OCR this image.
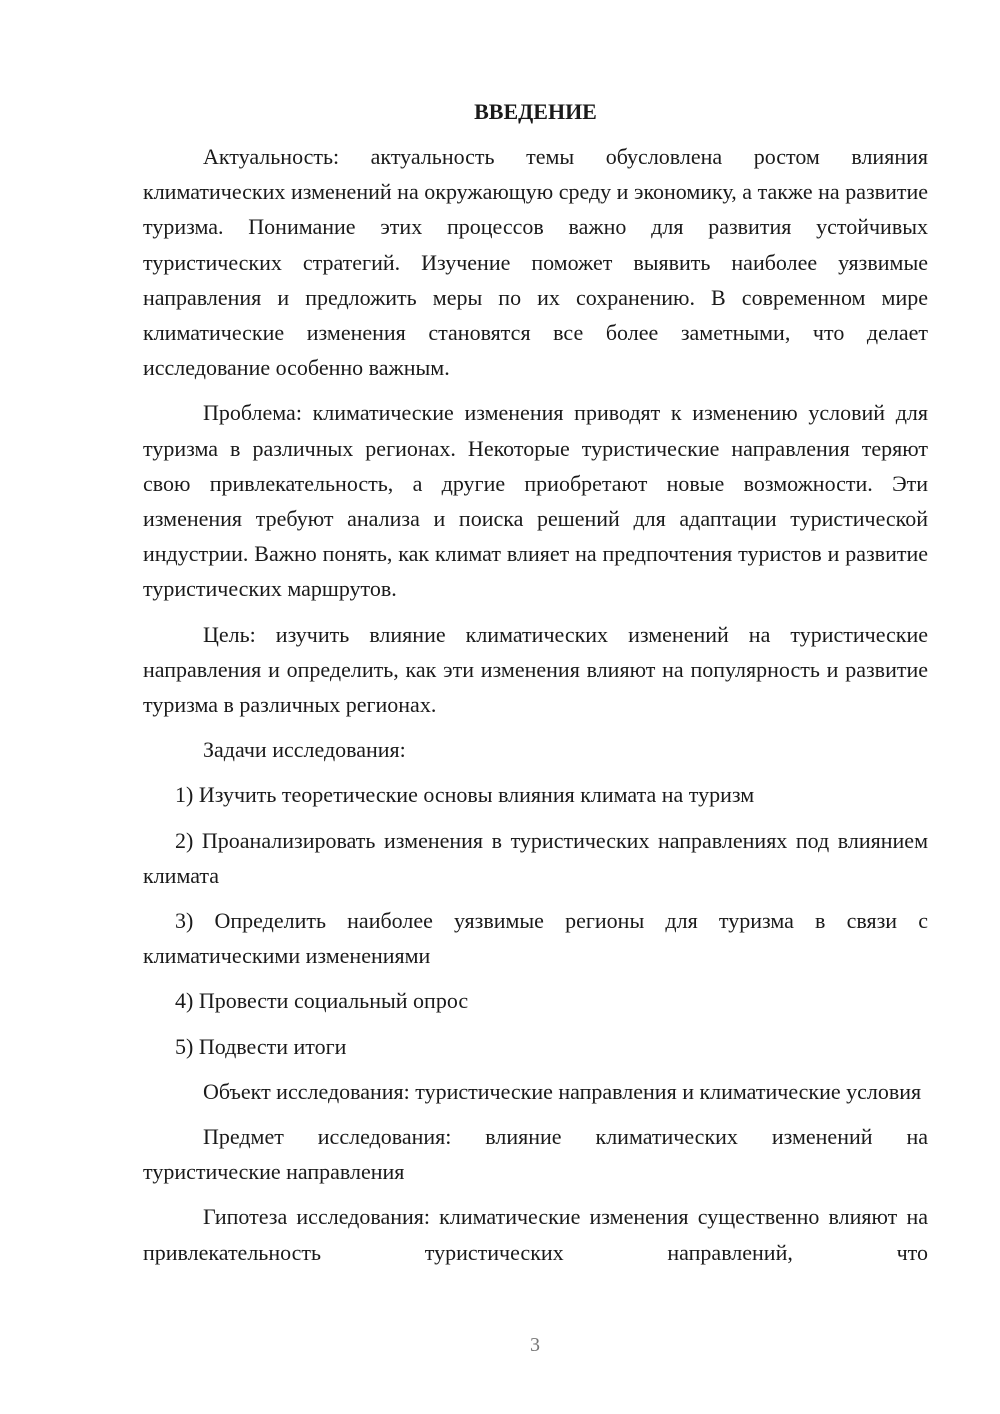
ВВЕДЕНИЕ

Актуальность: актуальность темы обусловлена ростом влияния климатических изменений на окружающую среду и экономику, а также на развитие туризма. Понимание этих процессов важно для развития устойчивых туристических стратегий. Изучение поможет выявить наиболее уязвимые направления и предложить меры по их сохранению. В современном мире климатические изменения становятся все более заметными, что делает исследование особенно важным.

Проблема: климатические изменения приводят к изменению условий для туризма в различных регионах. Некоторые туристические направления теряют свою привлекательность, а другие приобретают новые возможности. Эти изменения требуют анализа и поиска решений для адаптации туристической индустрии. Важно понять, как климат влияет на предпочтения туристов и развитие туристических маршрутов.

Цель: изучить влияние климатических изменений на туристические направления и определить, как эти изменения влияют на популярность и развитие туризма в различных регионах.

Задачи исследования:

1) Изучить теоретические основы влияния климата на туризм

2) Проанализировать изменения в туристических направлениях под влиянием климата

3) Определить наиболее уязвимые регионы для туризма в связи с климатическими изменениями

4) Провести социальный опрос

5) Подвести итоги

Объект исследования: туристические направления и климатические условия

Предмет исследования: влияние климатических изменений на туристические направления

Гипотеза исследования: климатические изменения существенно влияют на привлекательность туристических направлений, что

3
